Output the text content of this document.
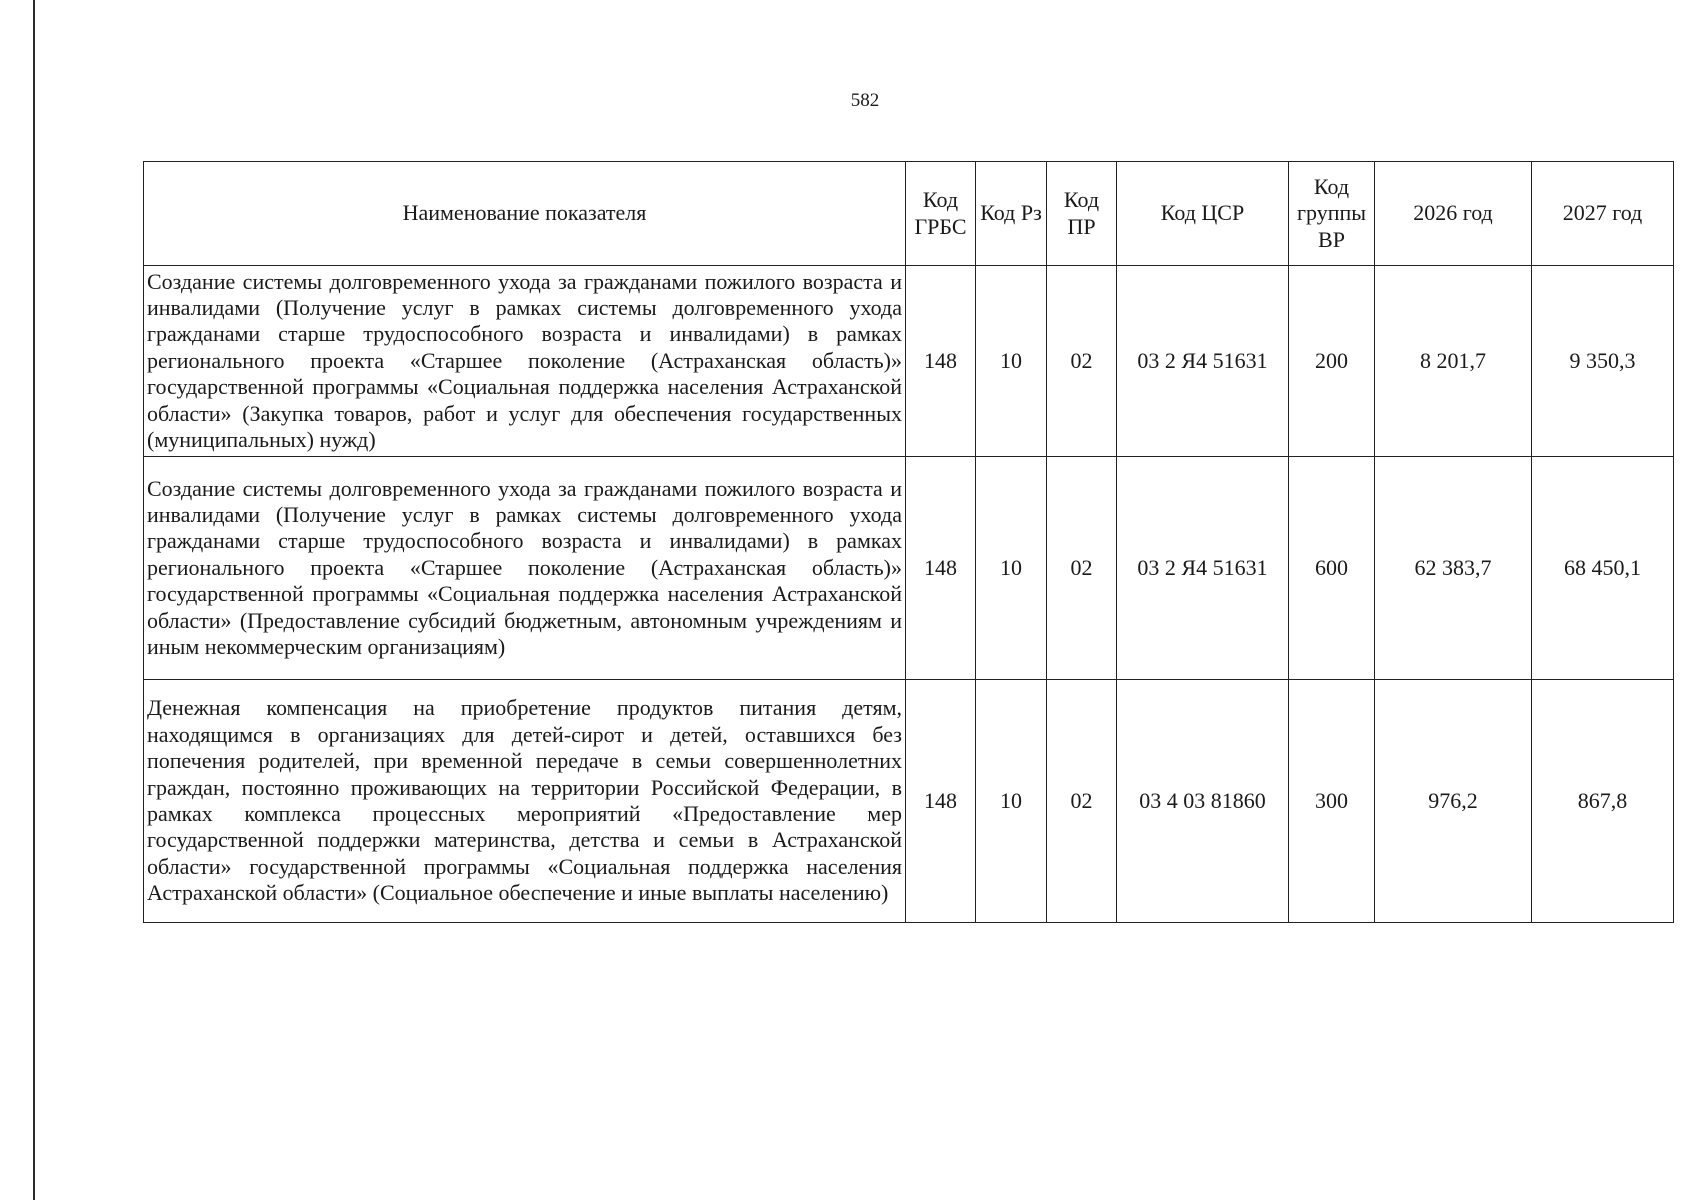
582
Наименование показателя	Код ГРБС	Код Рз	Код ПР	Код ЦСР	Код группы ВР	2026 год	2027 год
Создание системы долговременного ухода за гражданами пожилого возраста и инвалидами (Получение услуг в рамках системы долговременного ухода гражданами старше трудоспособного возраста и инвалидами) в рамках регионального проекта «Старшее поколение (Астраханская область)» государственной программы «Социальная поддержка населения Астраханской области» (Закупка товаров, работ и услуг для обеспечения государственных (муниципальных) нужд)	148	10	02	03 2 Я4 51631	200	8 201,7	9 350,3
Создание системы долговременного ухода за гражданами пожилого возраста и инвалидами (Получение услуг в рамках системы долговременного ухода гражданами старше трудоспособного возраста и инвалидами) в рамках регионального проекта «Старшее поколение (Астраханская область)» государственной программы «Социальная поддержка населения Астраханской области» (Предоставление субсидий бюджетным, автономным учреждениям и иным некоммерческим организациям)	148	10	02	03 2 Я4 51631	600	62 383,7	68 450,1
Денежная компенсация на приобретение продуктов питания детям, находящимся в организациях для детей-сирот и детей, оставшихся без попечения родителей, при временной передаче в семьи совершеннолетних граждан, постоянно проживающих на территории Российской Федерации, в рамках комплекса процессных мероприятий «Предоставление мер государственной поддержки материнства, детства и семьи в Астраханской области» государственной программы «Социальная поддержка населения Астраханской области» (Социальное обеспечение и иные выплаты населению)	148	10	02	03 4 03 81860	300	976,2	867,8
